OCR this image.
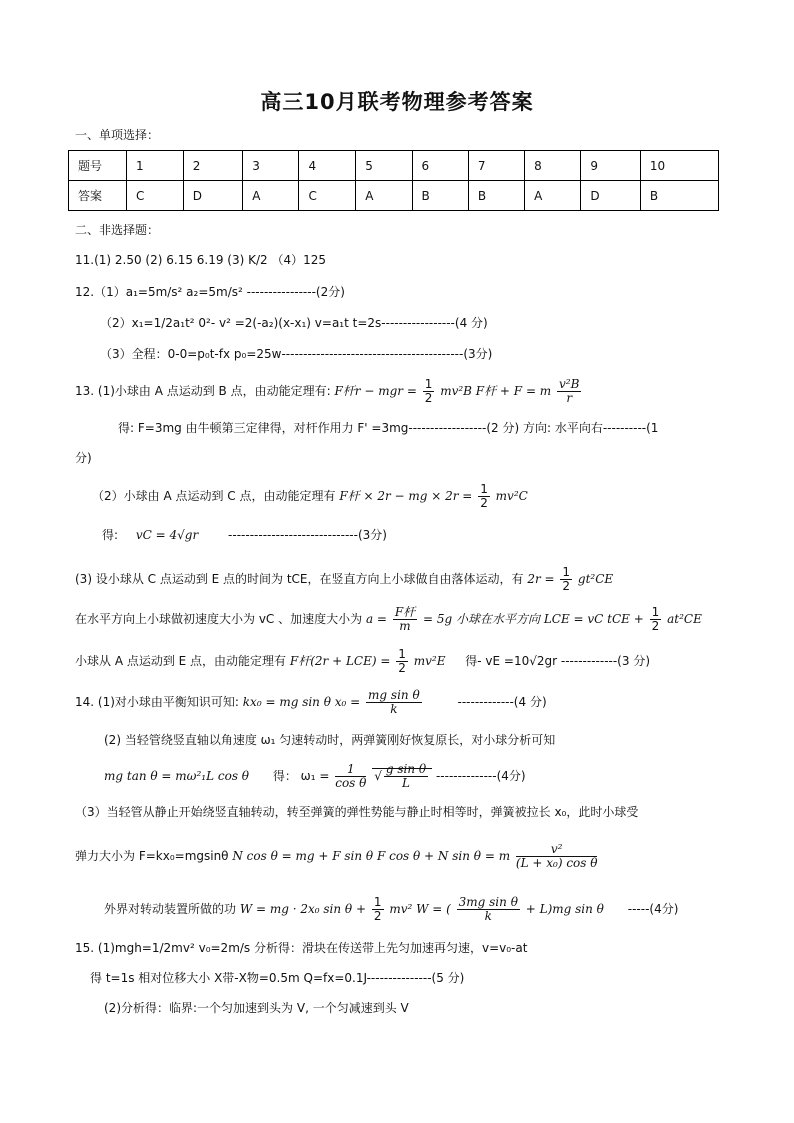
高三10月联考物理参考答案
一、单项选择：
题号	1	2	3	4	5	6	7	8	9	10
答案	C	D	A	C	A	B	B	A	D	B
二、非选择题：
11.(1) 2.50 (2) 6.15 6.19 (3) K/2 （4）125
12.（1）a₁=5m/s² a₂=5m/s² ----------------(2分)
（2）x₁=1/2a₁t² 0²- v² =2(-a₂)(x-x₁) v=a₁t t=2s-----------------(4 分)
（3）全程：0-0=p₀t-fx p₀=25w------------------------------------------(3分)
13. (1)小球由 A 点运动到 B 点，由动能定理有: F杆r − mgr = $\frac{1}{2} mv^2B$ F杆 + F = m $\frac{\text{v²B}}{r}$
得: F=3mg 由牛顿第三定律得，对杆作用力 F' =3mg------------------(2 分) 方向: 水平向右----------(1
分)
（2）小球由 A 点运动到 C 点，由动能定理有 F杆 × 2r − mg × $2r = \frac{1}{2} mv^2C$
得: vC = 4√gr ------------------------------(3分)
(3) 设小球从 C 点运动到 E 点的时间为 tCE，在竖直方向上小球做自由落体运动，有 $2r = \frac{1}{2} gt^2CE$
在水平方向上小球做初速度大小为 vC 、加速度大小为 $a = \frac{\text{F杆}}{m} = 5g$ 小球在水平方向 LCE = vC tCE + $\frac{1}{2} at^2CE$
小球从 A 点运动到 E 点，由动能定理有 F杆$(2r + LCE) = \frac{1}{2} mv^2E$ 得- vE =10√2gr -------------(3 分)
14. (1)对小球由平衡知识可知: kx₀ = mg sin θ $x_0 = \frac{\text{mg sin θ}}{k}$	-------------(4 分)
(2) 当轻管绕竖直轴以角速度 ω₁ 匀速转动时，两弹簧刚好恢复原长，对小球分析可知
mg tan θ = mω²₁L cos θ 得： $\omega_1 = \frac{1}{\text{cos θ}}$ √ $\frac{\text{g sin θ}}{L} --------------(4$分)
（3）当轻管从静止开始绕竖直轴转动，转至弹簧的弹性势能与静止时相等时，弹簧被拉长 x₀，此时小球受
弹力大小为 F=kx₀=mgsinθ N cos θ = mg + F sin θ F cos θ + N sin θ = m $\frac{\text{v²}}{\text{(L + x₀) cos θ}}$
外界对转动装置所做的功 W = mg · 2x₀ $\sin \theta + \frac{1}{2} mv^2$ W = ( $\frac{\text{3mg sin θ}}{k} + L)mg$ sin θ -----(4分)
15. (1)mgh=1/2mv² v₀=2m/s 分析得：滑块在传送带上先匀加速再匀速，v=v₀-at
得 t=1s 相对位移大小 X带-X物=0.5m Q=fx=0.1J---------------(5 分)
(2)分析得：临界:一个匀加速到头为 V, 一个匀减速到头 V
